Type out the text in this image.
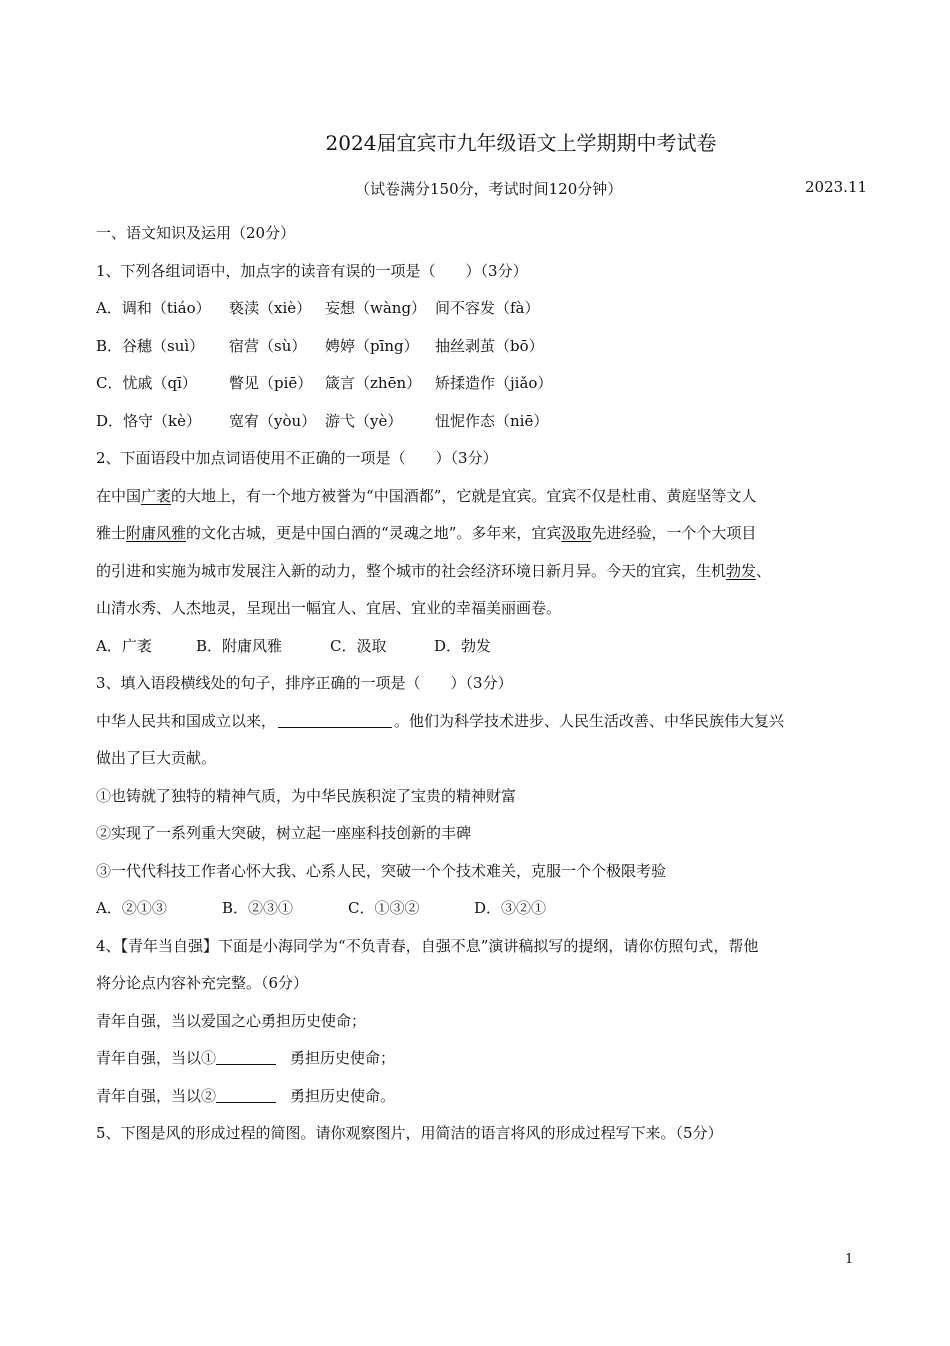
2024届宜宾市九年级语文上学期期中考试卷
（试卷满分150分，考试时间120分钟）	2023.11
一、语文知识及运用（20分）
1、下列各组词语中，加点字的读音有误的一项是（　　）（3分）
A．调和（tiáo） 亵渎（xiè） 妄想（wàng） 间不容发（fà）
B．谷穗（suì） 宿营（sù） 娉婷（pīng） 抽丝剥茧（bō）
C．忧戚（qī） 瞥见（piē） 箴言（zhēn） 矫揉造作（jiǎo）
D．恪守（kè） 宽宥（yòu） 游弋（yè） 忸怩作态（niē）
2、下面语段中加点词语使用不正确的一项是（　　）（3分）
在中国广袤的大地上，有一个地方被誉为“中国酒都”，它就是宜宾。宜宾不仅是杜甫、黄庭坚等文人
雅士附庸风雅的文化古城，更是中国白酒的“灵魂之地”。多年来，宜宾汲取先进经验，一个个大项目
的引进和实施为城市发展注入新的动力，整个城市的社会经济环境日新月异。今天的宜宾，生机勃发、
山清水秀、人杰地灵，呈现出一幅宜人、宜居、宜业的幸福美丽画卷。
A．广袤	B．附庸风雅	C．汲取	D．勃发
3、填入语段横线处的句子，排序正确的一项是（　　）（3分）
中华人民共和国成立以来，	。他们为科学技术进步、人民生活改善、中华民族伟大复兴
做出了巨大贡献。
①也铸就了独特的精神气质，为中华民族积淀了宝贵的精神财富
②实现了一系列重大突破，树立起一座座科技创新的丰碑
③一代代科技工作者心怀大我、心系人民，突破一个个技术难关，克服一个个极限考验
A．②①③	B．②③①	C．①③②	D．③②①
4、【青年当自强】下面是小海同学为“不负青春，自强不息”演讲稿拟写的提纲，请你仿照句式，帮他
将分论点内容补充完整。（6分）
青年自强，当以爱国之心勇担历史使命；
青年自强，当以①	勇担历史使命；
青年自强，当以②	勇担历史使命。
5、下图是风的形成过程的简图。请你观察图片，用简洁的语言将风的形成过程写下来。（5分）
1
